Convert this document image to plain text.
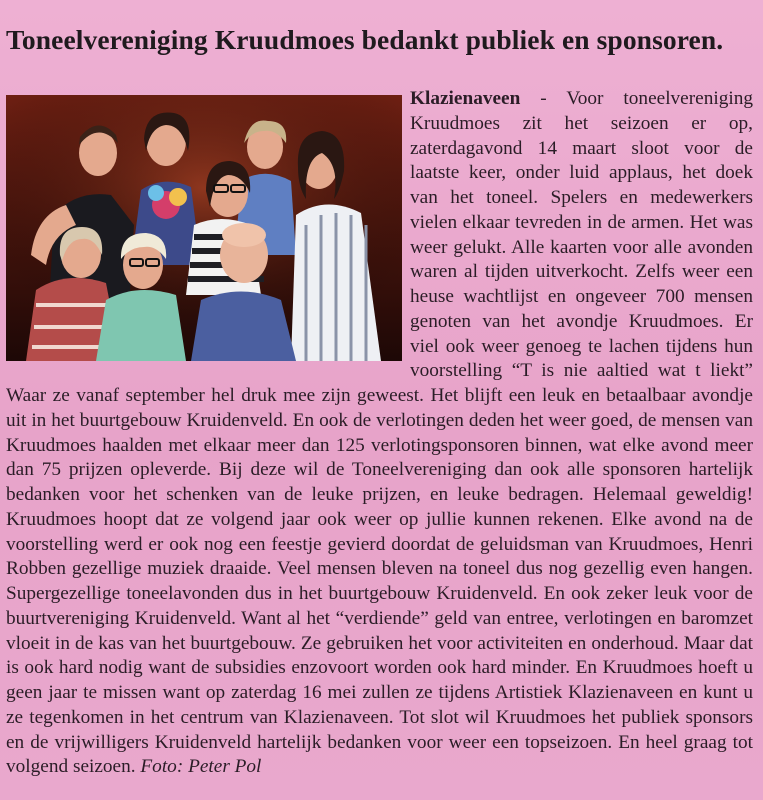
Toneelvereniging Kruudmoes bedankt publiek en sponsoren.
Klazienaveen - Voor toneelvereniging Kruudmoes zit het seizoen er op, zaterdagavond 14 maart sloot voor de laatste keer, onder luid applaus, het doek van het toneel. Spelers en medewerkers vielen elkaar tevreden in de armen. Het was weer gelukt. Alle kaarten voor alle avonden waren al tijden uitverkocht. Zelfs weer een heuse wachtlijst en ongeveer 700 mensen genoten van het avondje Kruudmoes. Er viel ook weer genoeg te lachen tijdens hun voorstelling “T is nie aaltied wat t liekt” Waar ze vanaf september hel druk mee zijn geweest. Het blijft een leuk en betaalbaar avondje uit in het buurtgebouw Kruidenveld. En ook de verlotingen deden het weer goed, de mensen van Kruudmoes haalden met elkaar meer dan 125 verlotingsponsoren binnen, wat elke avond meer dan 75 prijzen opleverde. Bij deze wil de Toneelvereniging dan ook alle sponsoren hartelijk bedanken voor het schenken van de leuke prijzen, en leuke bedragen. Helemaal geweldig! Kruudmoes hoopt dat ze volgend jaar ook weer op jullie kunnen rekenen. Elke avond na de voorstelling werd er ook nog een feestje gevierd doordat de geluidsman van Kruudmoes, Henri Robben gezellige muziek draaide. Veel mensen bleven na toneel dus nog gezellig even hangen. Supergezellige toneelavonden dus in het buurtgebouw Kruidenveld. En ook zeker leuk voor de buurtvereniging Kruidenveld. Want al het “verdiende” geld van entree, verlotingen en baromzet vloeit in de kas van het buurtgebouw. Ze gebruiken het voor activiteiten en onderhoud. Maar dat is ook hard nodig want de subsidies enzovoort worden ook hard minder. En Kruudmoes hoeft u geen jaar te missen want op zaterdag 16 mei zullen ze tijdens Artistiek Klazienaveen en kunt u ze tegenkomen in het centrum van Klazienaveen. Tot slot wil Kruudmoes het publiek sponsors en de vrijwilligers Kruidenveld hartelijk bedanken voor weer een topseizoen. En heel graag tot volgend seizoen. Foto: Peter Pol
